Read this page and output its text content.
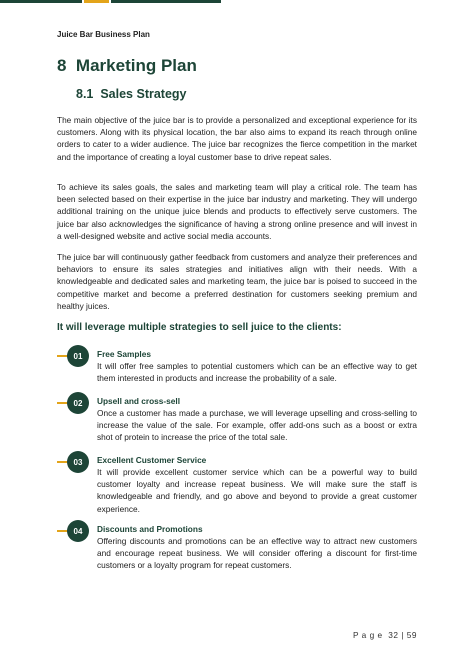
Juice Bar Business Plan
8 Marketing Plan
8.1 Sales Strategy

The main objective of the juice bar is to provide a personalized and exceptional experience for its customers. Along with its physical location, the bar also aims to expand its reach through online orders to cater to a wider audience. The juice bar recognizes the fierce competition in the market and the importance of creating a loyal customer base to drive repeat sales.

To achieve its sales goals, the sales and marketing team will play a critical role. The team has been selected based on their expertise in the juice bar industry and marketing. They will undergo additional training on the unique juice blends and products to effectively serve customers. The juice bar also acknowledges the significance of having a strong online presence and will invest in a well-designed website and active social media accounts.

The juice bar will continuously gather feedback from customers and analyze their preferences and behaviors to ensure its sales strategies and initiatives align with their needs. With a knowledgeable and dedicated sales and marketing team, the juice bar is poised to succeed in the competitive market and become a preferred destination for customers seeking premium and healthy juices.

It will leverage multiple strategies to sell juice to the clients:
01	Free Samples

It will offer free samples to potential customers which can be an effective way to get them interested in products and increase the probability of a sale.

02	Upsell and cross-sell

Once a customer has made a purchase, we will leverage upselling and cross-selling to increase the value of the sale. For example, offer add-ons such as a boost or extra shot of protein to increase the price of the total sale.

03	Excellent Customer Service

It will provide excellent customer service which can be a powerful way to build customer loyalty and increase repeat business. We will make sure the staff is knowledgeable and friendly, and go above and beyond to provide a great customer experience.

04	Discounts and Promotions

Offering discounts and promotions can be an effective way to attract new customers and encourage repeat business. We will consider offering a discount for first-time customers or a loyalty program for repeat customers.

P a g e 32 | 59
